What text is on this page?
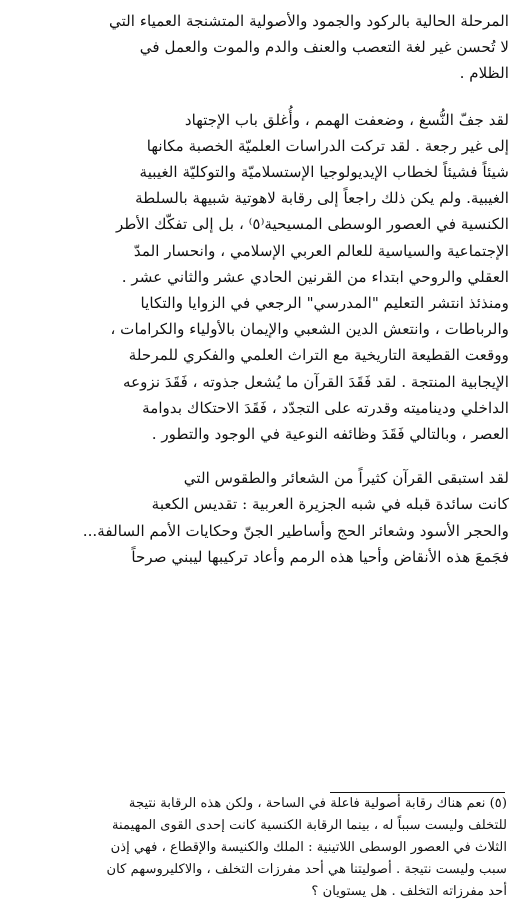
المرحلة الحالية بالركود والجمود والأصولية المتشنجة العمياء التي

لا تُحسن غير لغة التعصب والعنف والدم والموت والعمل في

الظلام .

لقد جفّ النُّسغ ، وضعفت الهمم ، وأُغلق باب الإجتهاد

إلى غير رجعة . لقد تركت الدراسات العلميّة الخصبة مكانها

شيئاً فشيئاً لخطاب الإيديولوجيا الإستسلاميّة والتوكليّة الغيبية

الغيبية. ولم يكن ذلك راجعاً إلى رقابة لاهوتية شبيهة بالسلطة

الكنسية في العصور الوسطى المسيحية⁽٥⁾ ، بل إلى تفكّك الأطر

الإجتماعية والسياسية للعالم العربي الإسلامي ، وانحسار المدّ

العقلي والروحي ابتداء من القرنين الحادي عشر والثاني عشر .

ومنذئذ انتشر التعليم "المدرسي" الرجعي في الزوايا والتكايا

والرباطات ، وانتعش الدين الشعبي والإيمان بالأولياء والكرامات ،

ووقعت القطيعة التاريخية مع التراث العلمي والفكري للمرحلة

الإيجابية المنتجة . لقد فَقَدَ القرآن ما يُشعل جذوته ، فَقَدَ نزوعه

الداخلي وديناميته وقدرته على التجدّد ، فَقَدَ الاحتكاك بدوامة

العصر ، وبالتالي فَقَدَ وظائفه النوعية في الوجود والتطور .

لقد استبقى القرآن كثيراً من الشعائر والطقوس التي

كانت سائدة قبله في شبه الجزيرة العربية : تقديس الكعبة

والحجر الأسود وشعائر الحج وأساطير الجنّ وحكايات الأمم السالفة...

فجَمعَ هذه الأنقاض وأحيا هذه الرمم وأعاد تركيبها ليبني صرحاً

(٥) نعم هناك رقابة أصولية فاعلة في الساحة ، ولكن هذه الرقابة نتيجة

للتخلف وليست سبباً له ، بينما الرقابة الكنسية كانت إحدى القوى المهيمنة

الثلاث في العصور الوسطى اللاتينية : الملك والكنيسة والإقطاع ، فهي إذن

سبب وليست نتيجة . أصوليتنا هي أحد مفرزات التخلف ، والاكليروسهم كان

أحد مفرزاته التخلف . هل يستويان ؟
